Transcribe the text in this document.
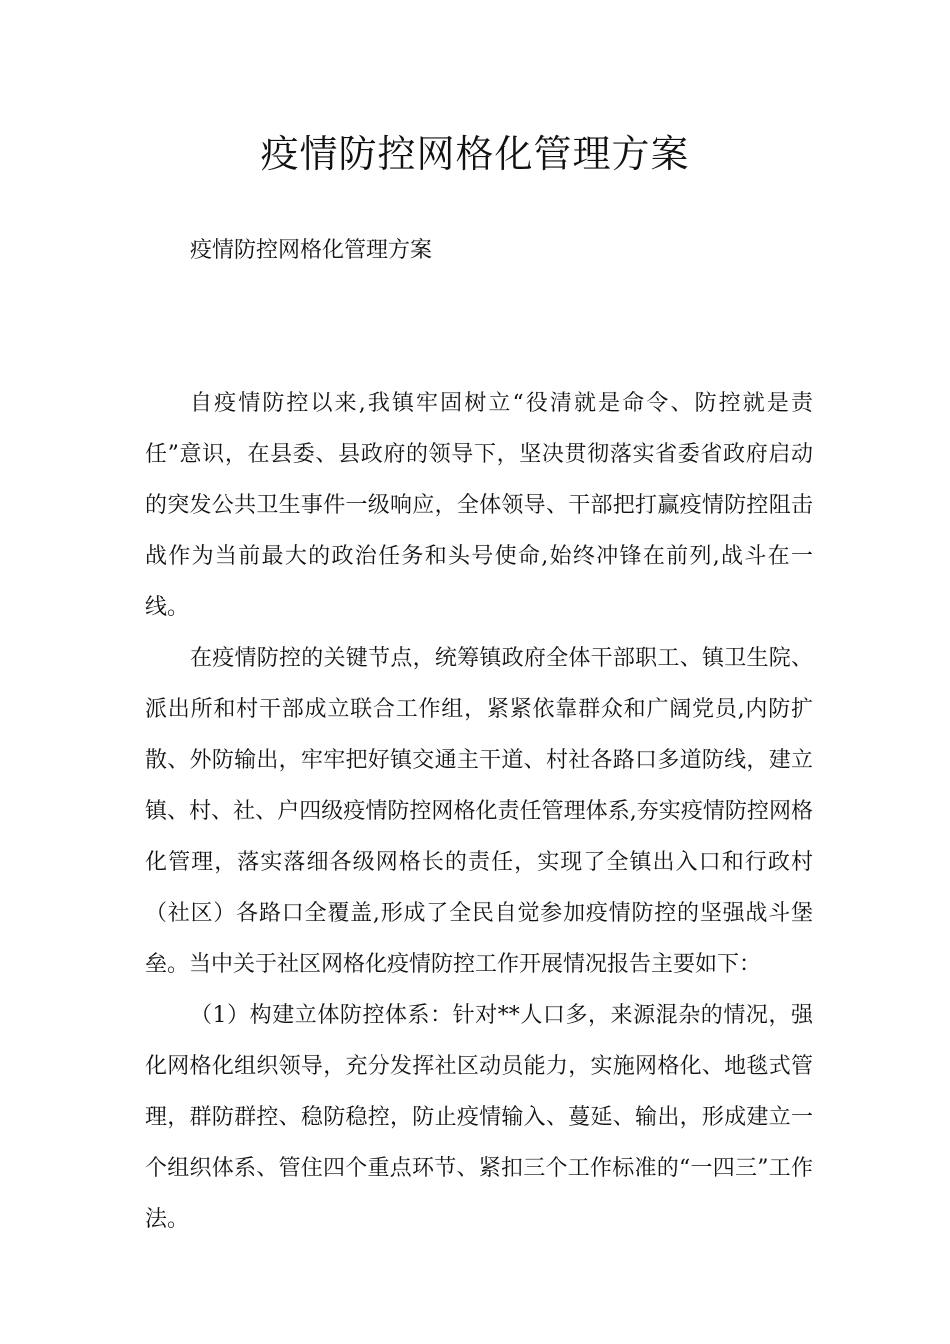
疫情防控网格化管理方案

疫情防控网格化管理方案

自疫情防控以来,我镇牢固树立“役清就是命令、防控就是责任”意识，在县委、县政府的领导下，坚决贯彻落实省委省政府启动的突发公共卫生事件一级响应，全体领导、干部把打赢疫情防控阻击战作为当前最大的政治任务和头号使命,始终冲锋在前列,战斗在一线。

在疫情防控的关键节点，统筹镇政府全体干部职工、镇卫生院、派出所和村干部成立联合工作组，紧紧依靠群众和广阔党员,内防扩散、外防输出，牢牢把好镇交通主干道、村社各路口多道防线，建立镇、村、社、户四级疫情防控网格化责任管理体系,夯实疫情防控网格化管理，落实落细各级网格长的责任，实现了全镇出入口和行政村（社区）各路口全覆盖,形成了全民自觉参加疫情防控的坚强战斗堡垒。当中关于社区网格化疫情防控工作开展情况报告主要如下：

（1）构建立体防控体系：针对**人口多，来源混杂的情况，强化网格化组织领导，充分发挥社区动员能力，实施网格化、地毯式管理，群防群控、稳防稳控，防止疫情输入、蔓延、输出，形成建立一个组织体系、管住四个重点环节、紧扣三个工作标准的“一四三”工作法。
